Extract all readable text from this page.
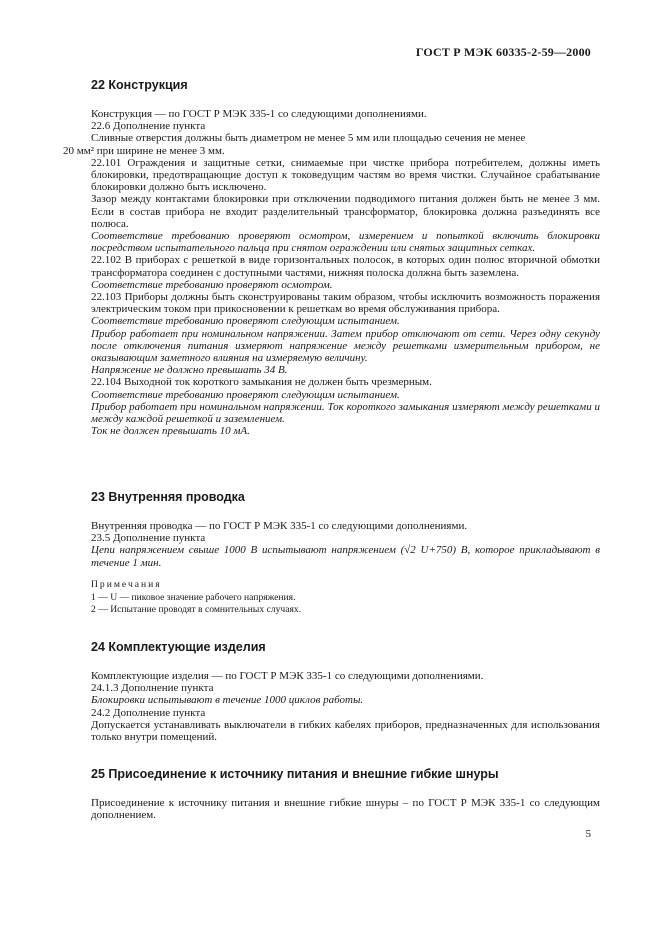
ГОСТ Р МЭК 60335-2-59—2000
22 Конструкция

Конструкция — по ГОСТ Р МЭК 335-1 со следующими дополнениями.

22.6 Дополнение пункта

Сливные отверстия должны быть диаметром не менее 5 мм или площадью сечения не менее

20 мм² при ширине не менее 3 мм.

22.101 Ограждения и защитные сетки, снимаемые при чистке прибора потребителем, должны иметь блокировки, предотвращающие доступ к токоведущим частям во время чистки. Случайное срабатывание блокировки должно быть исключено.

Зазор между контактами блокировки при отключении подводимого питания должен быть не менее 3 мм. Если в состав прибора не входит разделительный трансформатор, блокировка должна разъединять все полюса.

Соответствие требованию проверяют осмотром, измерением и попыткой включить блокировки посредством испытательного пальца при снятом ограждении или снятых защитных сетках.

22.102 В приборах с решеткой в виде горизонтальных полосок, в которых один полюс вторичной обмотки трансформатора соединен с доступными частями, нижняя полоска должна быть заземлена.

Соответствие требованию проверяют осмотром.

22.103 Приборы должны быть сконструированы таким образом, чтобы исключить возможность поражения электрическим током при прикосновении к решеткам во время обслуживания прибора.

Соответствие требованию проверяют следующим испытанием.

Прибор работает при номинальном напряжении. Затем прибор отключают от сети. Через одну секунду после отключения питания измеряют напряжение между решетками измерительным прибором, не оказывающим заметного влияния на измеряемую величину.

Напряжение не должно превышать 34 В.

22.104 Выходной ток короткого замыкания не должен быть чрезмерным.

Соответствие требованию проверяют следующим испытанием.

Прибор работает при номинальном напряжении. Ток короткого замыкания измеряют между решетками и между каждой решеткой и заземлением.

Ток не должен превышать 10 мА.

23 Внутренняя проводка

Внутренняя проводка — по ГОСТ Р МЭК 335-1 со следующими дополнениями.

23.5 Дополнение пункта

Цепи напряжением свыше 1000 В испытывают напряжением (√2 U+750) В, которое прикладывают в течение 1 мин.

Примечания
1 — U — пиковое значение рабочего напряжения.
2 — Испытание проводят в сомнительных случаях.
24 Комплектующие изделия

Комплектующие изделия — по ГОСТ Р МЭК 335-1 со следующими дополнениями.

24.1.3 Дополнение пункта

Блокировки испытывают в течение 1000 циклов работы.

24.2 Дополнение пункта

Допускается устанавливать выключатели в гибких кабелях приборов, предназначенных для использования только внутри помещений.

25 Присоединение к источнику питания и внешние гибкие шнуры

Присоединение к источнику питания и внешние гибкие шнуры – по ГОСТ Р МЭК 335-1 со следующим дополнением.

5
